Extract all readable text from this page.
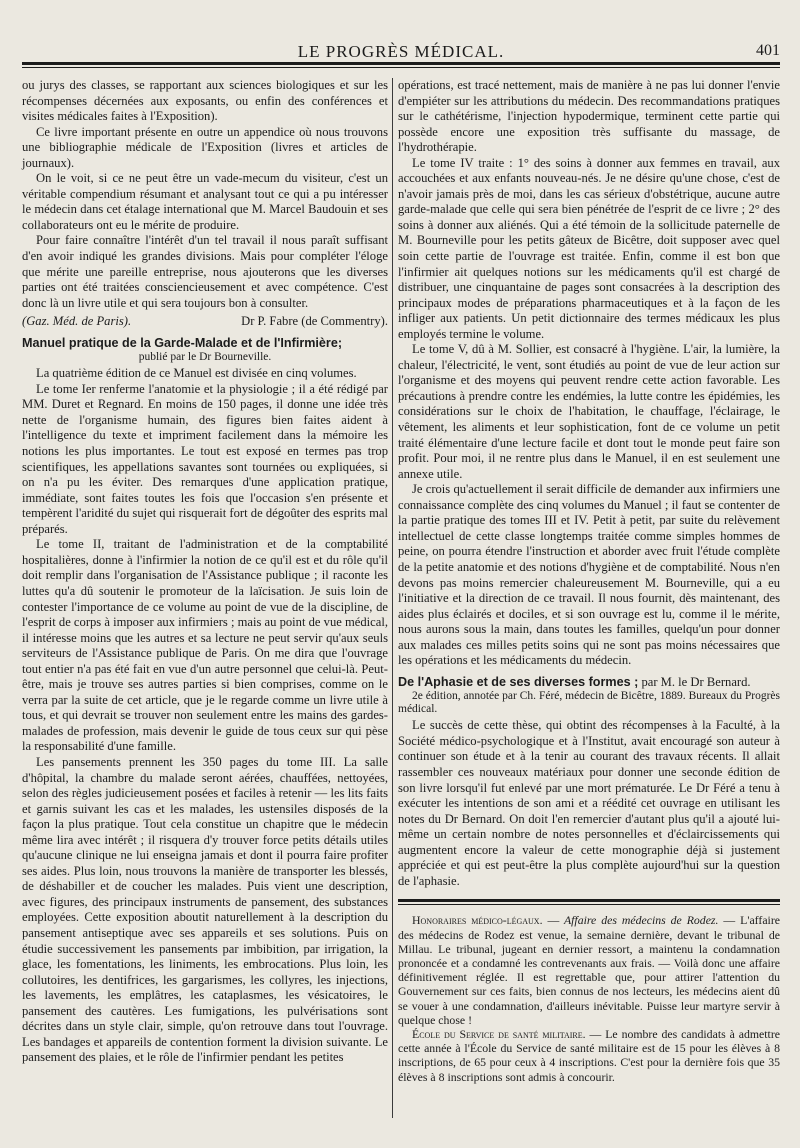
LE PROGRÈS MÉDICAL.	401

ou jurys des classes, se rapportant aux sciences biologiques et sur les récompenses décernées aux exposants, ou enfin des conférences et visites médicales faites à l'Exposition).

Ce livre important présente en outre un appendice où nous trouvons une bibliographie médicale de l'Exposition (livres et articles de journaux).

On le voit, si ce ne peut être un vade-mecum du visiteur, c'est un véritable compendium résumant et analysant tout ce qui a pu intéresser le médecin dans cet étalage international que M. Marcel Baudouin et ses collaborateurs ont eu le mérite de produire.

Pour faire connaître l'intérêt d'un tel travail il nous paraît suffisant d'en avoir indiqué les grandes divisions. Mais pour compléter l'éloge que mérite une pareille entreprise, nous ajouterons que les diverses parties ont été traitées consciencieusement et avec compétence. C'est donc là un livre utile et qui sera toujours bon à consulter.

(Gaz. Méd. de Paris).	Dr P. Fabre (de Commentry).

Manuel pratique de la Garde-Malade et de l'Infirmière;
publié par le Dr Bourneville.

La quatrième édition de ce Manuel est divisée en cinq volumes.

Le tome Ier renferme l'anatomie et la physiologie ; il a été rédigé par MM. Duret et Regnard. En moins de 150 pages, il donne une idée très nette de l'organisme humain, des figures bien faites aident à l'intelligence du texte et impriment facilement dans la mémoire les notions les plus importantes. Le tout est exposé en termes pas trop scientifiques, les appellations savantes sont tournées ou expliquées, si on n'a pu les éviter. Des remarques d'une application pratique, immédiate, sont faites toutes les fois que l'occasion s'en présente et tempèrent l'aridité du sujet qui risquerait fort de dégoûter des esprits mal préparés.

Le tome II, traitant de l'administration et de la comptabilité hospitalières, donne à l'infirmier la notion de ce qu'il est et du rôle qu'il doit remplir dans l'organisation de l'Assistance publique ; il raconte les luttes qu'a dû soutenir le promoteur de la laïcisation. Je suis loin de contester l'importance de ce volume au point de vue de la discipline, de l'esprit de corps à imposer aux infirmiers ; mais au point de vue médical, il intéresse moins que les autres et sa lecture ne peut servir qu'aux seuls serviteurs de l'Assistance publique de Paris. On me dira que l'ouvrage tout entier n'a pas été fait en vue d'un autre personnel que celui-là. Peut-être, mais je trouve ses autres parties si bien comprises, comme on le verra par la suite de cet article, que je le regarde comme un livre utile à tous, et qui devrait se trouver non seulement entre les mains des gardes-malades de profession, mais devenir le guide de tous ceux sur qui pèse la responsabilité d'une famille.

Les pansements prennent les 350 pages du tome III. La salle d'hôpital, la chambre du malade seront aérées, chauffées, nettoyées, selon des règles judicieusement posées et faciles à retenir — les lits faits et garnis suivant les cas et les malades, les ustensiles disposés de la façon la plus pratique. Tout cela constitue un chapitre que le médecin même lira avec intérêt ; il risquera d'y trouver force petits détails utiles qu'aucune clinique ne lui enseigna jamais et dont il pourra faire profiter ses aides. Plus loin, nous trouvons la manière de transporter les blessés, de déshabiller et de coucher les malades. Puis vient une description, avec figures, des principaux instruments de pansement, des substances employées. Cette exposition aboutit naturellement à la description du pansement antiseptique avec ses appareils et ses solutions. Puis on étudie successivement les pansements par imbibition, par irrigation, la glace, les fomentations, les liniments, les embrocations. Plus loin, les collutoires, les dentifrices, les gargarismes, les collyres, les injections, les lavements, les emplâtres, les cataplasmes, les vésicatoires, le pansement des cautères. Les fumigations, les pulvérisations sont décrites dans un style clair, simple, qu'on retrouve dans tout l'ouvrage. Les bandages et appareils de contention forment la division suivante. Le pansement des plaies, et le rôle de l'infirmier pendant les petites

opérations, est tracé nettement, mais de manière à ne pas lui donner l'envie d'empiéter sur les attributions du médecin. Des recommandations pratiques sur le cathétérisme, l'injection hypodermique, terminent cette partie qui possède encore une exposition très suffisante du massage, de l'hydrothérapie.

Le tome IV traite : 1° des soins à donner aux femmes en travail, aux accouchées et aux enfants nouveau-nés. Je ne désire qu'une chose, c'est de n'avoir jamais près de moi, dans les cas sérieux d'obstétrique, aucune autre garde-malade que celle qui sera bien pénétrée de l'esprit de ce livre ; 2° des soins à donner aux aliénés. Qui a été témoin de la sollicitude paternelle de M. Bourneville pour les petits gâteux de Bicêtre, doit supposer avec quel soin cette partie de l'ouvrage est traitée. Enfin, comme il est bon que l'infirmier ait quelques notions sur les médicaments qu'il est chargé de distribuer, une cinquantaine de pages sont consacrées à la description des principaux modes de préparations pharmaceutiques et à la façon de les infliger aux patients. Un petit dictionnaire des termes médicaux les plus employés termine le volume.

Le tome V, dû à M. Sollier, est consacré à l'hygiène. L'air, la lumière, la chaleur, l'électricité, le vent, sont étudiés au point de vue de leur action sur l'organisme et des moyens qui peuvent rendre cette action favorable. Les précautions à prendre contre les endémies, la lutte contre les épidémies, les considérations sur le choix de l'habitation, le chauffage, l'éclairage, le vêtement, les aliments et leur sophistication, font de ce volume un petit traité élémentaire d'une lecture facile et dont tout le monde peut faire son profit. Pour moi, il ne rentre plus dans le Manuel, il en est seulement une annexe utile.

Je crois qu'actuellement il serait difficile de demander aux infirmiers une connaissance complète des cinq volumes du Manuel ; il faut se contenter de la partie pratique des tomes III et IV. Petit à petit, par suite du relèvement intellectuel de cette classe longtemps traitée comme simples hommes de peine, on pourra étendre l'instruction et aborder avec fruit l'étude complète de la petite anatomie et des notions d'hygiène et de comptabilité. Nous n'en devons pas moins remercier chaleureusement M. Bourneville, qui a eu l'initiative et la direction de ce travail. Il nous fournit, dès maintenant, des aides plus éclairés et dociles, et si son ouvrage est lu, comme il le mérite, nous aurons sous la main, dans toutes les familles, quelqu'un pour donner aux malades ces milles petits soins qui ne sont pas moins nécessaires que les opérations et les médicaments du médecin.

De l'Aphasie et de ses diverses formes ; par M. le Dr Bernard.
2e édition, annotée par Ch. Féré, médecin de Bicêtre, 1889. Bureaux du Progrès médical.

Le succès de cette thèse, qui obtint des récompenses à la Faculté, à la Société médico-psychologique et à l'Institut, avait encouragé son auteur à continuer son étude et à la tenir au courant des travaux récents. Il allait rassembler ces nouveaux matériaux pour donner une seconde édition de son livre lorsqu'il fut enlevé par une mort prématurée. Le Dr Féré a tenu à exécuter les intentions de son ami et a réédité cet ouvrage en utilisant les notes du Dr Bernard. On doit l'en remercier d'autant plus qu'il a ajouté lui-même un certain nombre de notes personnelles et d'éclaircissements qui augmentent encore la valeur de cette monographie déjà si justement appréciée et qui est peut-être la plus complète aujourd'hui sur la question de l'aphasie.

Honoraires médico-légaux. — Affaire des médecins de Rodez. — L'affaire des médecins de Rodez est venue, la semaine dernière, devant le tribunal de Millau. Le tribunal, jugeant en dernier ressort, a maintenu la condamnation prononcée et a condamné les contrevenants aux frais. — Voilà donc une affaire définitivement réglée. Il est regrettable que, pour attirer l'attention du Gouvernement sur ces faits, bien connus de nos lecteurs, les médecins aient dû se vouer à une condamnation, d'ailleurs inévitable. Puisse leur martyre servir à quelque chose !

École du Service de santé militaire. — Le nombre des candidats à admettre cette année à l'École du Service de santé militaire est de 15 pour les élèves à 8 inscriptions, de 65 pour ceux à 4 inscriptions. C'est pour la dernière fois que 35 élèves à 8 inscriptions sont admis à concourir.
